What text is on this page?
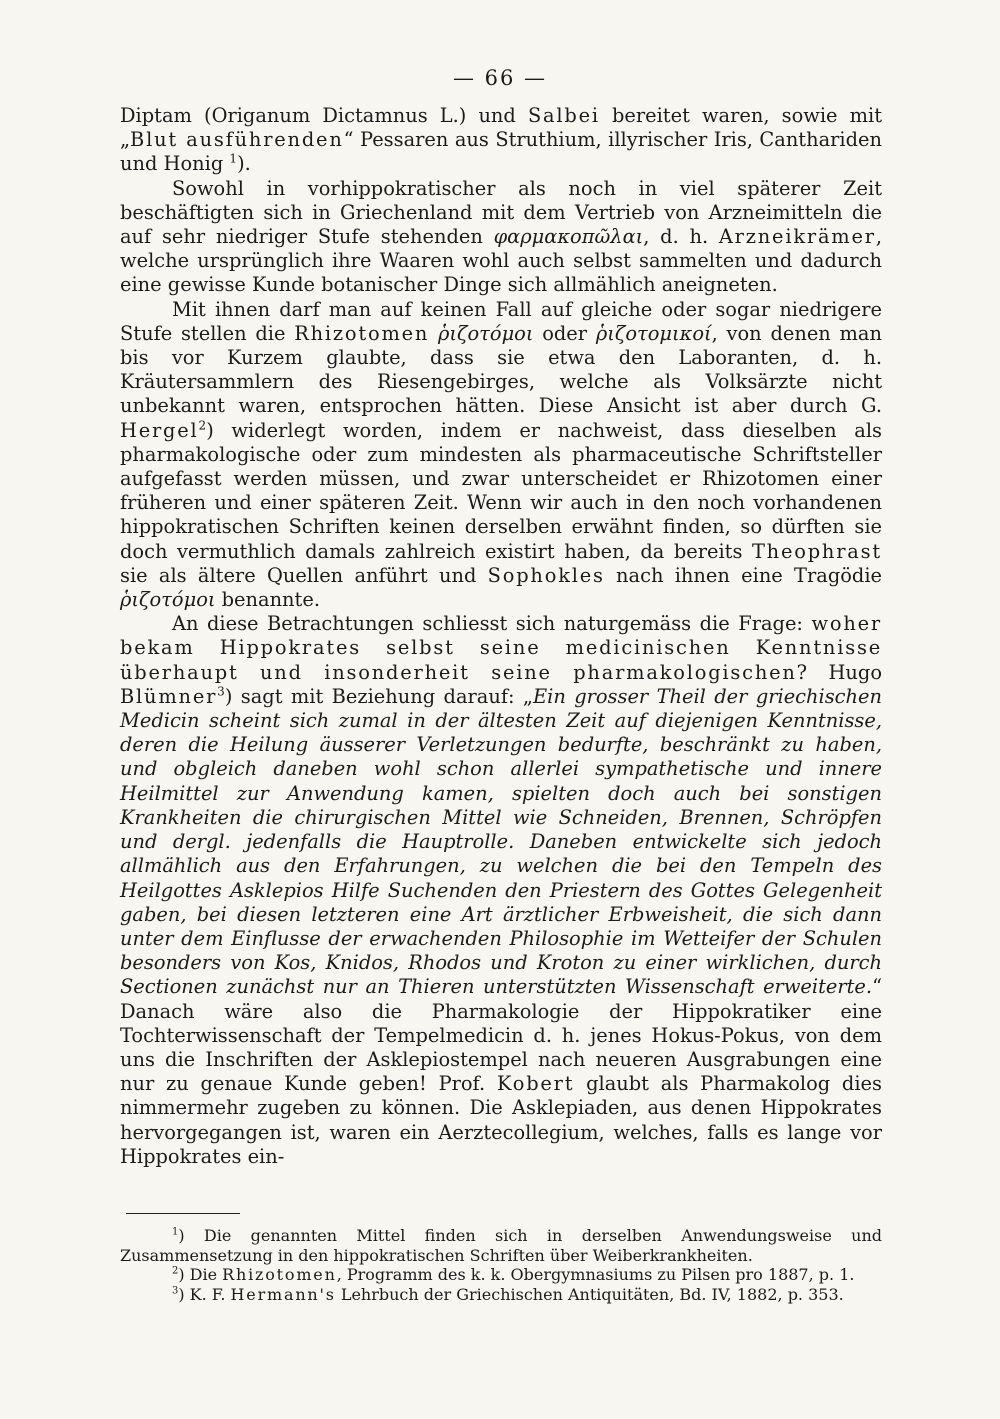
— 66 —

Diptam (Origanum Dictamnus L.) und Salbei bereitet waren, sowie mit „Blut ausführenden“ Pessaren aus Struthium, illyrischer Iris, Canthariden und Honig $^1$).

Sowohl in vorhippokratischer als noch in viel späterer Zeit beschäftigten sich in Griechenland mit dem Vertrieb von Arzneimitteln die auf sehr niedriger Stufe stehenden φαρμακοπῶλαι, d. h. Arzneikrämer, welche ursprünglich ihre Waaren wohl auch selbst sammelten und dadurch eine gewisse Kunde botanischer Dinge sich allmählich aneigneten.

Mit ihnen darf man auf keinen Fall auf gleiche oder sogar niedrigere Stufe stellen die Rhizotomen ῥιζοτόμοι oder ῥιζοτομικοί, von denen man bis vor Kurzem glaubte, dass sie etwa den Laboranten, d. h. Kräutersammlern des Riesengebirges, welche als Volksärzte nicht unbekannt waren, entsprochen hätten. Diese Ansicht ist aber durch G. Hergel$^2$) widerlegt worden, indem er nachweist, dass dieselben als pharmakologische oder zum mindesten als pharmaceutische Schriftsteller aufgefasst werden müssen, und zwar unterscheidet er Rhizotomen einer früheren und einer späteren Zeit. Wenn wir auch in den noch vorhandenen hippokratischen Schriften keinen derselben erwähnt finden, so dürften sie doch vermuthlich damals zahlreich existirt haben, da bereits Theophrast sie als ältere Quellen anführt und Sophokles nach ihnen eine Tragödie ῥιζοτόμοι benannte.

An diese Betrachtungen schliesst sich naturgemäss die Frage: woher bekam Hippokrates selbst seine medicinischen Kenntnisse überhaupt und insonderheit seine pharmakologischen? Hugo Blümner$^3$) sagt mit Beziehung darauf: „Ein grosser Theil der griechischen Medicin scheint sich zumal in der ältesten Zeit auf diejenigen Kenntnisse, deren die Heilung äusserer Verletzungen bedurfte, beschränkt zu haben, und obgleich daneben wohl schon allerlei sympathetische und innere Heilmittel zur Anwendung kamen, spielten doch auch bei sonstigen Krankheiten die chirurgischen Mittel wie Schneiden, Brennen, Schröpfen und dergl. jedenfalls die Hauptrolle. Daneben entwickelte sich jedoch allmählich aus den Erfahrungen, zu welchen die bei den Tempeln des Heilgottes Asklepios Hilfe Suchenden den Priestern des Gottes Gelegenheit gaben, bei diesen letzteren eine Art ärztlicher Erbweisheit, die sich dann unter dem Einflusse der erwachenden Philosophie im Wetteifer der Schulen besonders von Kos, Knidos, Rhodos und Kroton zu einer wirklichen, durch Sectionen zunächst nur an Thieren unterstützten Wissenschaft erweiterte.“ Danach wäre also die Pharmakologie der Hippokratiker eine Tochterwissenschaft der Tempelmedicin d. h. jenes Hokus-Pokus, von dem uns die Inschriften der Asklepiostempel nach neueren Ausgrabungen eine nur zu genaue Kunde geben! Prof. Kobert glaubt als Pharmakolog dies nimmermehr zugeben zu können. Die Asklepiaden, aus denen Hippokrates hervorgegangen ist, waren ein Aerztecollegium, welches, falls es lange vor Hippokrates ein-

$^1$) Die genannten Mittel finden sich in derselben Anwendungsweise und Zusammensetzung in den hippokratischen Schriften über Weiberkrankheiten.

$^2$) Die Rhizotomen, Programm des k. k. Obergymnasiums zu Pilsen pro 1887, p. 1.

$^3$) K. F. Hermann's Lehrbuch der Griechischen Antiquitäten, Bd. IV, 1882, p. 353.
